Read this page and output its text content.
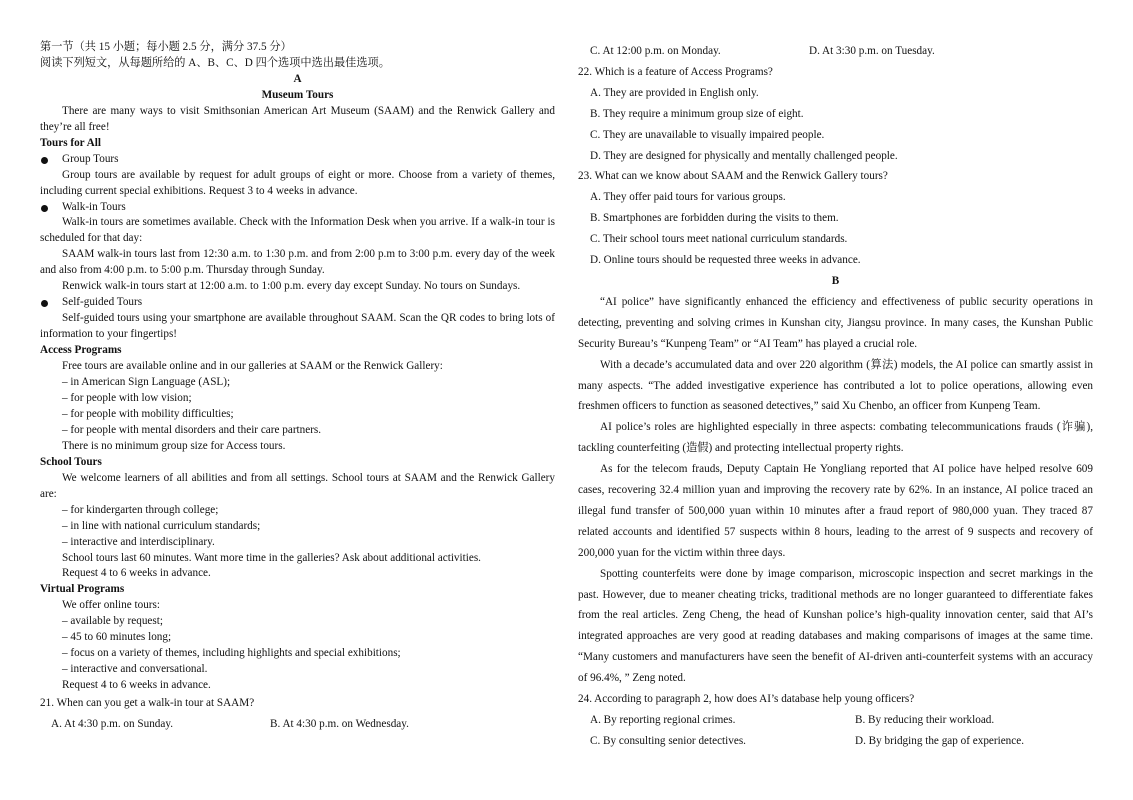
第一节（共 15 小题；每小题 2.5 分，满分 37.5 分）

阅读下列短文，从每题所给的 A、B、C、D 四个选项中选出最佳选项。

A

Museum Tours

There are many ways to visit Smithsonian American Art Museum (SAAM) and the Renwick Gallery and they’re all free!

Tours for All

Group Tours

Group tours are available by request for adult groups of eight or more. Choose from a variety of themes, including current special exhibitions. Request 3 to 4 weeks in advance.

Walk-in Tours

Walk-in tours are sometimes available. Check with the Information Desk when you arrive. If a walk-in tour is scheduled for that day:

SAAM walk-in tours last from 12:30 a.m. to 1:30 p.m. and from 2:00 p.m to 3:00 p.m. every day of the week and also from 4:00 p.m. to 5:00 p.m. Thursday through Sunday.

Renwick walk-in tours start at 12:00 a.m. to 1:00 p.m. every day except Sunday. No tours on Sundays.

Self-guided Tours

Self-guided tours using your smartphone are available throughout SAAM. Scan the QR codes to bring lots of information to your fingertips!

Access Programs

Free tours are available online and in our galleries at SAAM or the Renwick Gallery:

– in American Sign Language (ASL);

– for people with low vision;

– for people with mobility difficulties;

– for people with mental disorders and their care partners.

There is no minimum group size for Access tours.

School Tours

We welcome learners of all abilities and from all settings. School tours at SAAM and the Renwick Gallery are:

– for kindergarten through college;

– in line with national curriculum standards;

– interactive and interdisciplinary.

School tours last 60 minutes. Want more time in the galleries? Ask about additional activities.

Request 4 to 6 weeks in advance.

Virtual Programs

We offer online tours:

– available by request;

– 45 to 60 minutes long;

– focus on a variety of themes, including highlights and special exhibitions;

– interactive and conversational.

Request 4 to 6 weeks in advance.

21. When can you get a walk-in tour at SAAM?

A. At 4:30 p.m. on Sunday.	B. At 4:30 p.m. on Wednesday.

C. At 12:00 p.m. on Monday.	D. At 3:30 p.m. on Tuesday.

22. Which is a feature of Access Programs?

A. They are provided in English only.

B. They require a minimum group size of eight.

C. They are unavailable to visually impaired people.

D. They are designed for physically and mentally challenged people.

23. What can we know about SAAM and the Renwick Gallery tours?

A. They offer paid tours for various groups.

B. Smartphones are forbidden during the visits to them.

C. Their school tours meet national curriculum standards.

D. Online tours should be requested three weeks in advance.

B

“AI police” have significantly enhanced the efficiency and effectiveness of public security operations in detecting, preventing and solving crimes in Kunshan city, Jiangsu province. In many cases, the Kunshan Public Security Bureau’s “Kunpeng Team” or “AI Team” has played a crucial role.

With a decade’s accumulated data and over 220 algorithm (算法) models, the AI police can smartly assist in many aspects. “The added investigative experience has contributed a lot to police operations, allowing even freshmen officers to function as seasoned detectives,” said Xu Chenbo, an officer from Kunpeng Team.

AI police’s roles are highlighted especially in three aspects: combating telecommunications frauds (诈骗), tackling counterfeiting (造假) and protecting intellectual property rights.

As for the telecom frauds, Deputy Captain He Yongliang reported that AI police have helped resolve 609 cases, recovering 32.4 million yuan and improving the recovery rate by 62%. In an instance, AI police traced an illegal fund transfer of 500,000 yuan within 10 minutes after a fraud report of 980,000 yuan. They traced 87 related accounts and identified 57 suspects within 8 hours, leading to the arrest of 9 suspects and recovery of 200,000 yuan for the victim within three days.

Spotting counterfeits were done by image comparison, microscopic inspection and secret markings in the past. However, due to meaner cheating tricks, traditional methods are no longer guaranteed to differentiate fakes from the real articles. Zeng Cheng, the head of Kunshan police’s high-quality innovation center, said that AI’s integrated approaches are very good at reading databases and making comparisons of images at the same time. “Many customers and manufacturers have seen the benefit of AI-driven anti-counterfeit systems with an accuracy of 96.4%, ” Zeng noted.

24. According to paragraph 2, how does AI’s database help young officers?

A. By reporting regional crimes.	B. By reducing their workload.

C. By consulting senior detectives.	D. By bridging the gap of experience.
